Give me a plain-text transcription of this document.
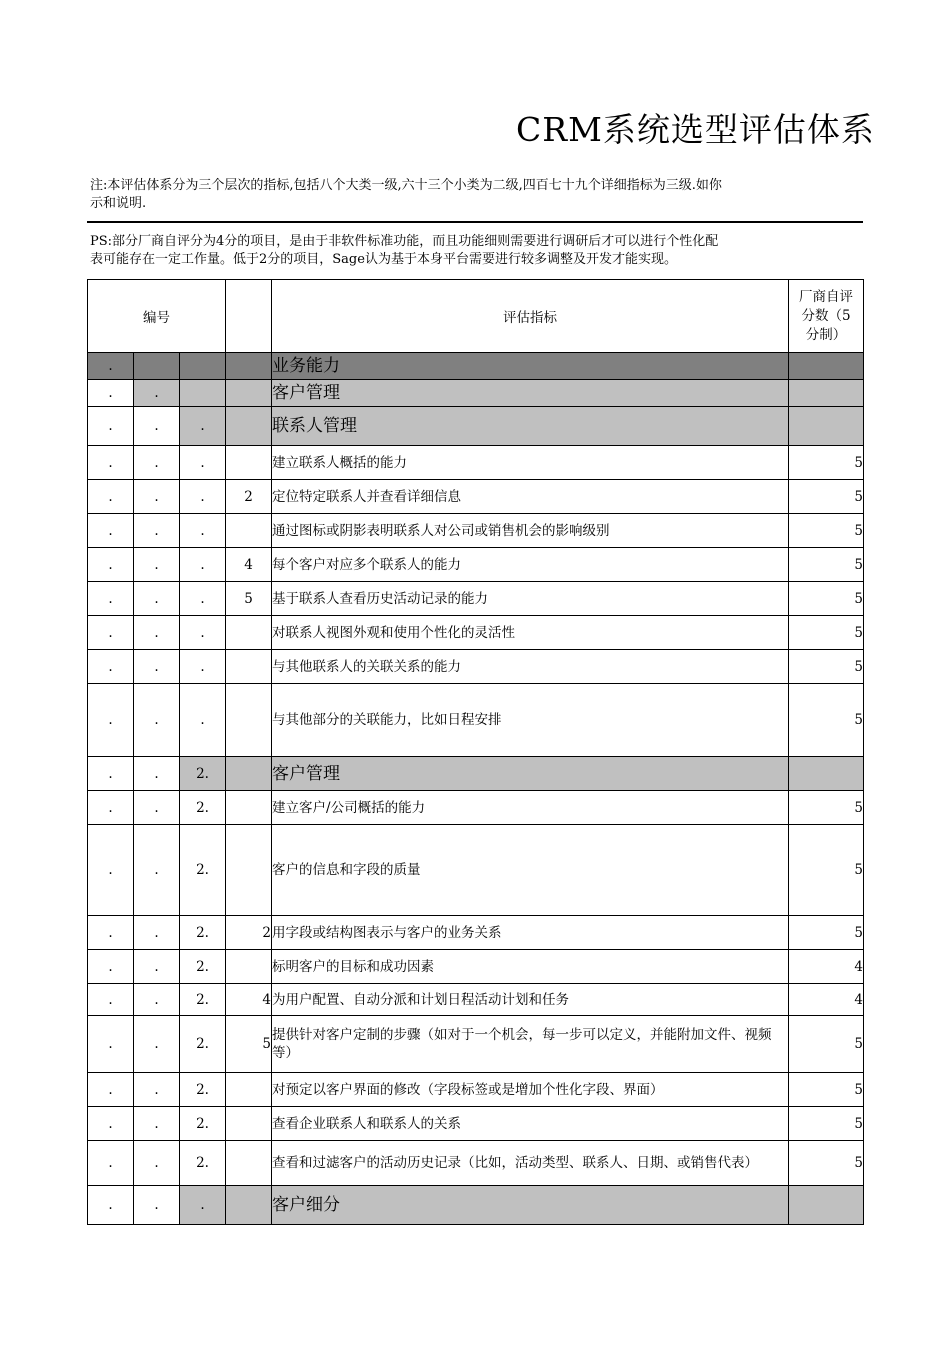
CRM系统选型评估体系
注:本评估体系分为三个层次的指标,包括八个大类一级,六十三个小类为二级,四百七十九个详细指标为三级.如你
示和说明.
PS:部分厂商自评分为4分的项目，是由于非软件标准功能，而且功能细则需要进行调研后才可以进行个性化配
表可能存在一定工作量。低于2分的项目，Sage认为基于本身平台需要进行较多调整及开发才能实现。
编号				评估指标	厂商自评
分数（5
分制）

.				业务能力	
.	.			客户管理	
.	.	.		联系人管理	
.	.	.		建立联系人概括的能力	5
.	.	.	2	定位特定联系人并查看详细信息	5
.	.	.		通过图标或阴影表明联系人对公司或销售机会的影响级别	5
.	.	.	4	每个客户对应多个联系人的能力	5
.	.	.	5	基于联系人查看历史活动记录的能力	5
.	.	.		对联系人视图外观和使用个性化的灵活性	5
.	.	.		与其他联系人的关联关系的能力	5
.	.	.		与其他部分的关联能力，比如日程安排	5
.	.	2.		客户管理	
.	.	2.		建立客户/公司概括的能力	5
.	.	2.		客户的信息和字段的质量	5
.	.	2.	2	用字段或结构图表示与客户的业务关系	5
.	.	2.		标明客户的目标和成功因素	4
.	.	2.	4	为用户配置、自动分派和计划日程活动计划和任务	4
.	.	2.	5	提供针对客户定制的步骤（如对于一个机会，每一步可以定义，并能附加文件、视频等）	5
.	.	2.		对预定以客户界面的修改（字段标签或是增加个性化字段、界面）	5
.	.	2.		查看企业联系人和联系人的关系	5
.	.	2.		查看和过滤客户的活动历史记录（比如，活动类型、联系人、日期、或销售代表）	5
.	.	.		客户细分	
